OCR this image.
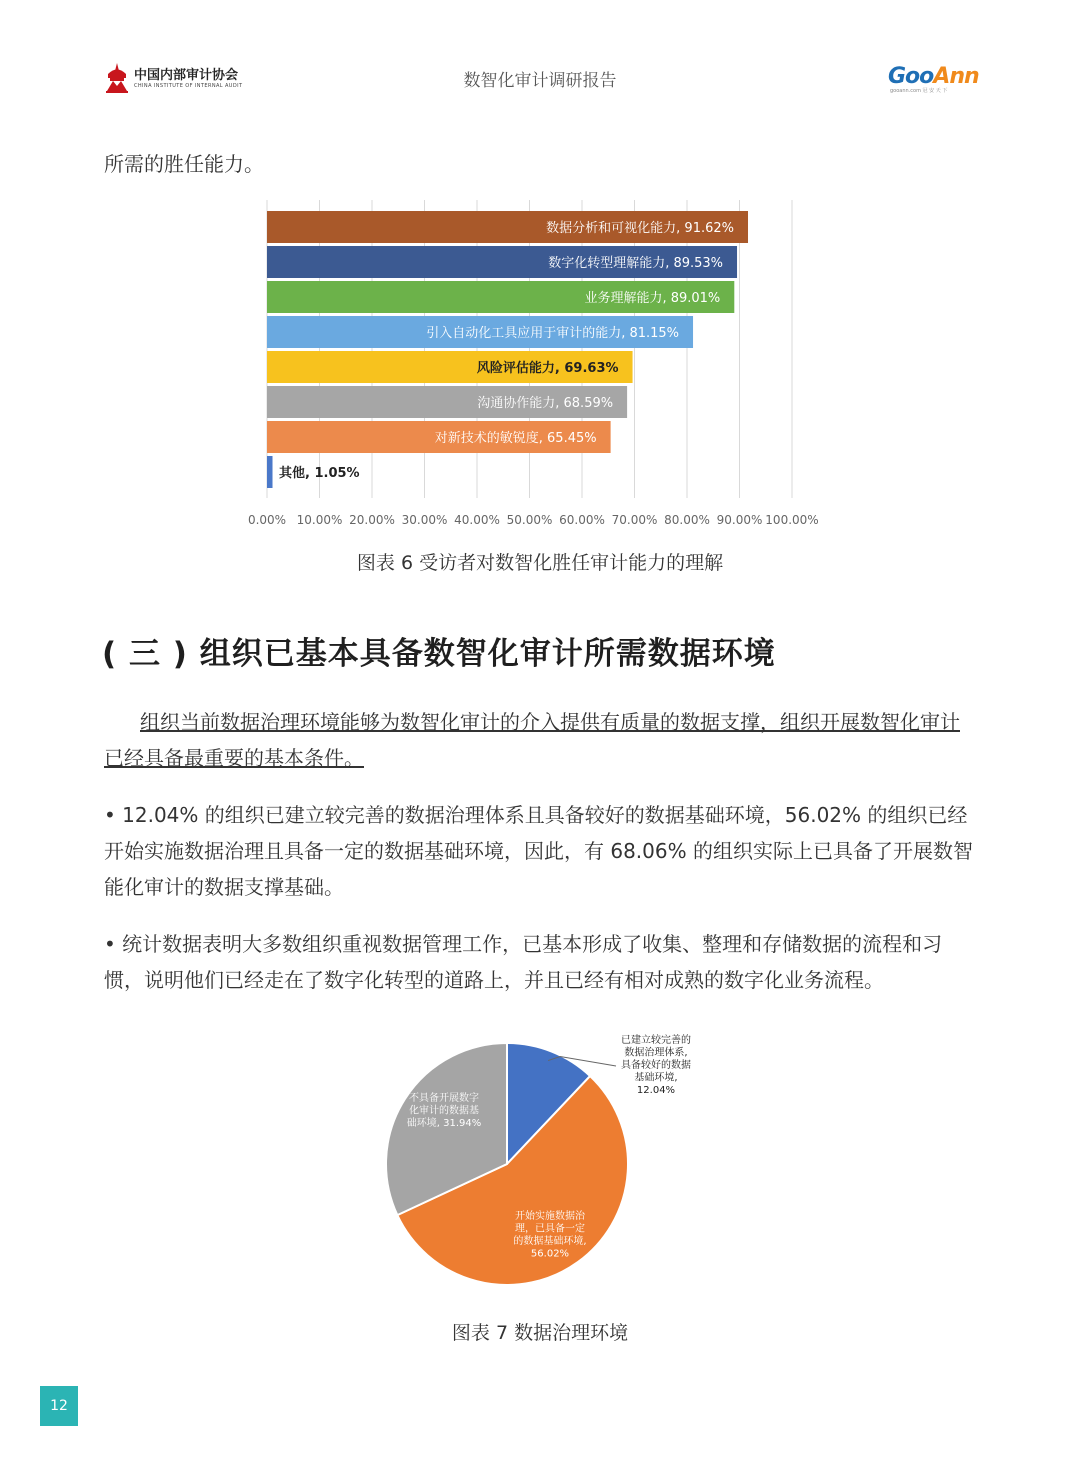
中国内部审计协会
CHINA INSTITUTE OF INTERNAL AUDIT	数智化审计调研报告	GooAnn
gooann.com 冠 安 天 下
所需的胜任能力。
0.00% 10.00% 20.00% 30.00% 40.00% 50.00% 60.00% 70.00% 80.00% 90.00% 100.00%
数据分析和可视化能力, 91.62%
数字化转型理解能力, 89.53%
业务理解能力, 89.01%
引入自动化工具应用于审计的能力, 81.15%
风险评估能力, 69.63%
沟通协作能力, 68.59%
对新技术的敏锐度, 65.45%
其他, 1.05%
图表 6 受访者对数智化胜任审计能力的理解
( 三 ) 组织已基本具备数智化审计所需数据环境
组织当前数据治理环境能够为数智化审计的介入提供有质量的数据支撑，组织开展数智化审计已经具备最重要的基本条件。
• 12.04% 的组织已建立较完善的数据治理体系且具备较好的数据基础环境，56.02% 的组织已经开始实施数据治理且具备一定的数据基础环境，因此，有 68.06% 的组织实际上已具备了开展数智能化审计的数据支撑基础。
• 统计数据表明大多数组织重视数据管理工作，已基本形成了收集、整理和存储数据的流程和习惯，说明他们已经走在了数字化转型的道路上，并且已经有相对成熟的数字化业务流程。
已建立较完善的数据治理体系,具备较好的数据基础环境, 12.04%
开始实施数据治理，已具备一定的数据基础环境, 56.02%
不具备开展数字化审计的数据基础环境, 31.94%
图表 7 数据治理环境
12
